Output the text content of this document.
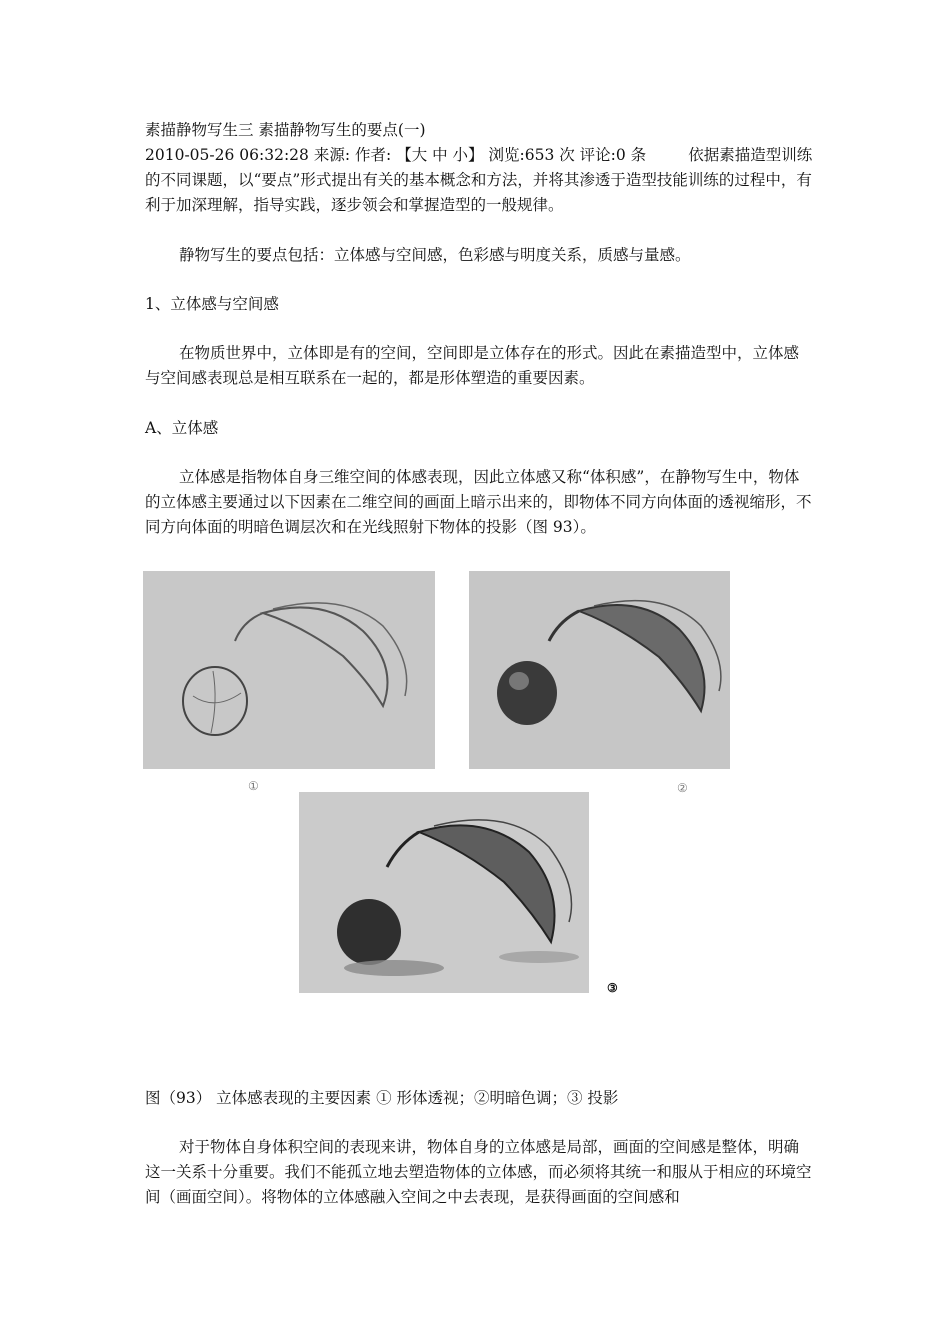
素描静物写生三 素描静物写生的要点(一)
2010-05-26 06:32:28 来源: 作者: 【大 中 小】 浏览:653 次 评论:0 条	依据素描造型训练的不同课题，以“要点”形式提出有关的基本概念和方法，并将其渗透于造型技能训练的过程中，有利于加深理解，指导实践，逐步领会和掌握造型的一般规律。
静物写生的要点包括：立体感与空间感，色彩感与明度关系，质感与量感。
1、立体感与空间感
在物质世界中，立体即是有的空间，空间即是立体存在的形式。因此在素描造型中，立体感与空间感表现总是相互联系在一起的，都是形体塑造的重要因素。
A、立体感
立体感是指物体自身三维空间的体感表现，因此立体感又称“体积感”，在静物写生中，物体的立体感主要通过以下因素在二维空间的画面上暗示出来的，即物体不同方向体面的透视缩形，不同方向体面的明暗色调层次和在光线照射下物体的投影（图 93）。
①	②
③
图（93） 立体感表现的主要因素 ① 形体透视；②明暗色调；③ 投影
对于物体自身体积空间的表现来讲，物体自身的立体感是局部，画面的空间感是整体，明确这一关系十分重要。我们不能孤立地去塑造物体的立体感，而必须将其统一和服从于相应的环境空间（画面空间）。将物体的立体感融入空间之中去表现，是获得画面的空间感和
